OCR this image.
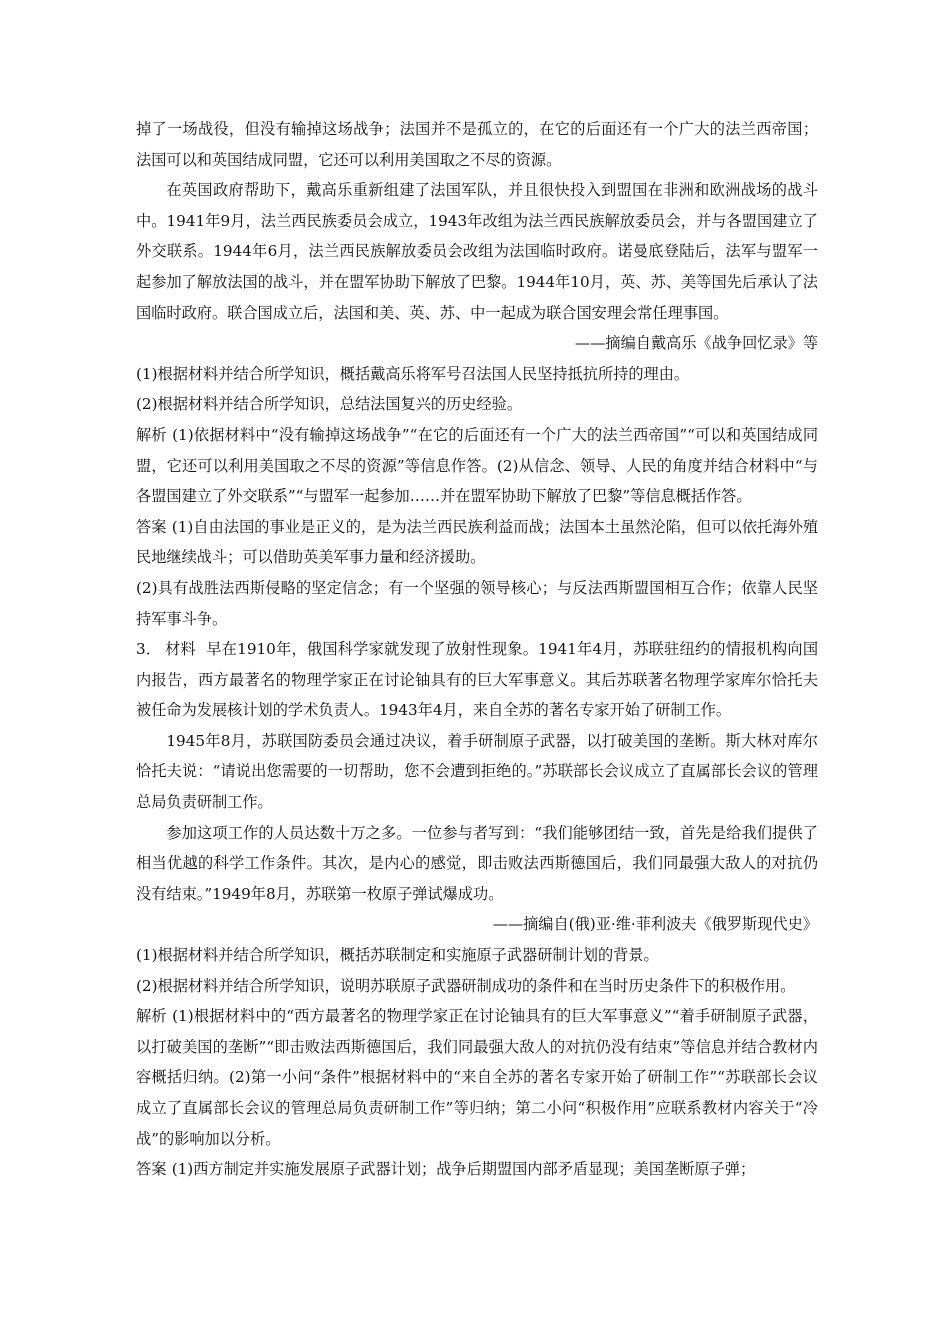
掉了一场战役，但没有输掉这场战争；法国并不是孤立的，在它的后面还有一个广大的法兰西帝国；法国可以和英国结成同盟，它还可以利用美国取之不尽的资源。

在英国政府帮助下，戴高乐重新组建了法国军队，并且很快投入到盟国在非洲和欧洲战场的战斗中。1941年9月，法兰西民族委员会成立，1943年改组为法兰西民族解放委员会，并与各盟国建立了外交联系。1944年6月，法兰西民族解放委员会改组为法国临时政府。诺曼底登陆后，法军与盟军一起参加了解放法国的战斗，并在盟军协助下解放了巴黎。1944年10月，英、苏、美等国先后承认了法国临时政府。联合国成立后，法国和美、英、苏、中一起成为联合国安理会常任理事国。

——摘编自戴高乐《战争回忆录》等

(1)根据材料并结合所学知识，概括戴高乐将军号召法国人民坚持抵抗所持的理由。

(2)根据材料并结合所学知识，总结法国复兴的历史经验。

解析 (1)依据材料中“没有输掉这场战争”“在它的后面还有一个广大的法兰西帝国”“可以和英国结成同盟，它还可以利用美国取之不尽的资源”等信息作答。(2)从信念、领导、人民的角度并结合材料中“与各盟国建立了外交联系”“与盟军一起参加……并在盟军协助下解放了巴黎”等信息概括作答。

答案 (1)自由法国的事业是正义的，是为法兰西民族利益而战；法国本土虽然沦陷，但可以依托海外殖民地继续战斗；可以借助英美军事力量和经济援助。

(2)具有战胜法西斯侵略的坚定信念；有一个坚强的领导核心；与反法西斯盟国相互合作；依靠人民坚持军事斗争。

3． 材料 早在1910年，俄国科学家就发现了放射性现象。1941年4月，苏联驻纽约的情报机构向国内报告，西方最著名的物理学家正在讨论铀具有的巨大军事意义。其后苏联著名物理学家库尔恰托夫被任命为发展核计划的学术负责人。1943年4月，来自全苏的著名专家开始了研制工作。

1945年8月，苏联国防委员会通过决议，着手研制原子武器，以打破美国的垄断。斯大林对库尔恰托夫说：“请说出您需要的一切帮助，您不会遭到拒绝的。”苏联部长会议成立了直属部长会议的管理总局负责研制工作。

参加这项工作的人员达数十万之多。一位参与者写到：“我们能够团结一致，首先是给我们提供了相当优越的科学工作条件。其次，是内心的感觉，即击败法西斯德国后，我们同最强大敌人的对抗仍没有结束。”1949年8月，苏联第一枚原子弹试爆成功。

——摘编自(俄)亚·维·菲利波夫《俄罗斯现代史》

(1)根据材料并结合所学知识，概括苏联制定和实施原子武器研制计划的背景。

(2)根据材料并结合所学知识，说明苏联原子武器研制成功的条件和在当时历史条件下的积极作用。

解析 (1)根据材料中的“西方最著名的物理学家正在讨论铀具有的巨大军事意义”“着手研制原子武器，以打破美国的垄断”“即击败法西斯德国后，我们同最强大敌人的对抗仍没有结束”等信息并结合教材内容概括归纳。(2)第一小问“条件”根据材料中的“来自全苏的著名专家开始了研制工作”“苏联部长会议成立了直属部长会议的管理总局负责研制工作”等归纳；第二小问“积极作用”应联系教材内容关于“冷战”的影响加以分析。

答案 (1)西方制定并实施发展原子武器计划；战争后期盟国内部矛盾显现；美国垄断原子弹；
